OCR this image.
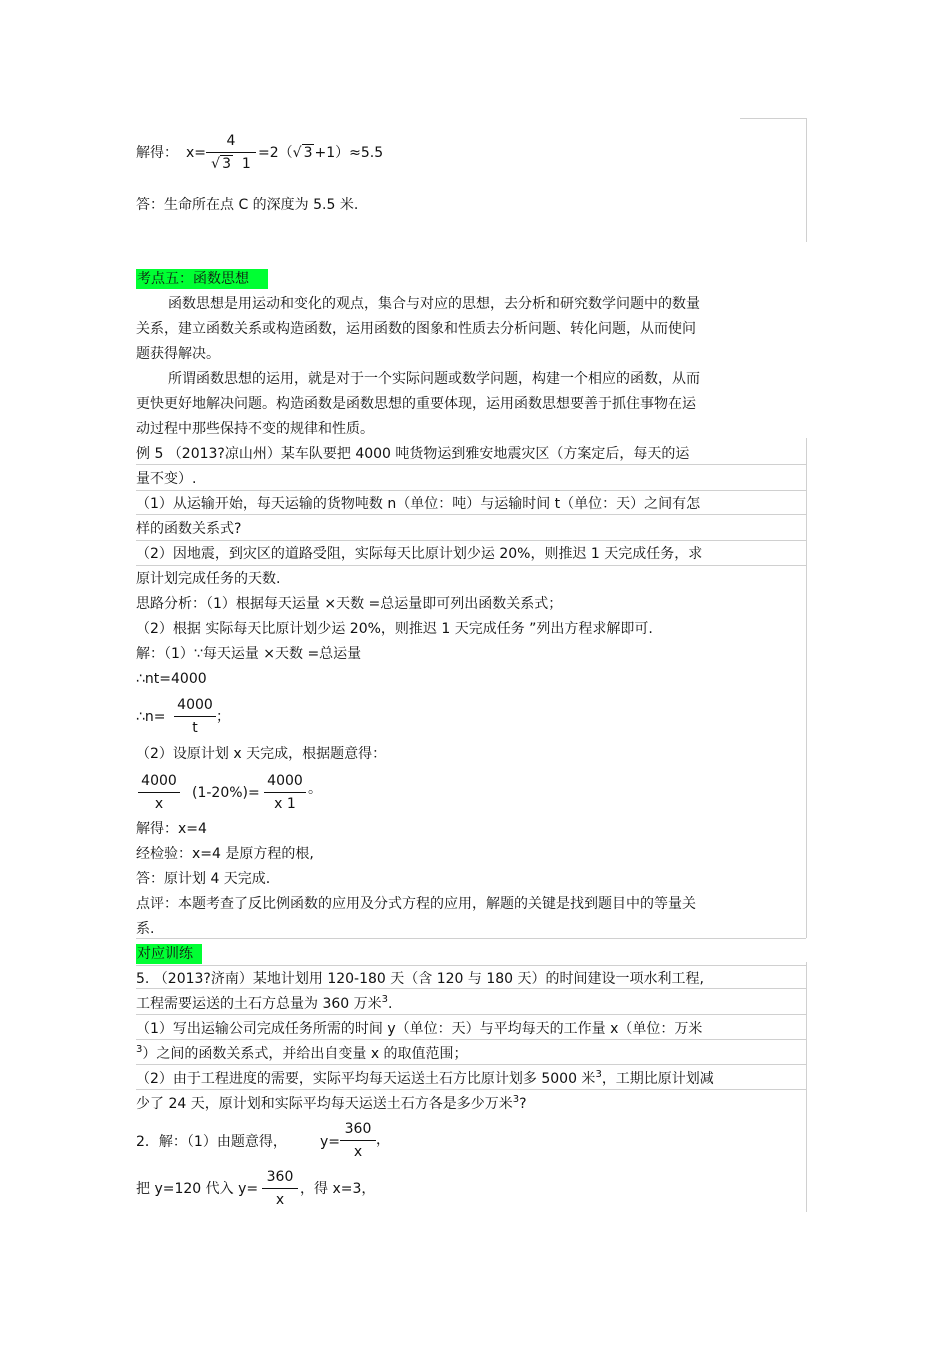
解得： x=
4
√ 3 1
=2（√ 3 +1）≈5.5
答：生命所在点 C 的深度为 5.5 米.
考点五：函数思想
函数思想是用运动和变化的观点，集合与对应的思想，去分析和研究数学问题中的数量
关系，建立函数关系或构造函数，运用函数的图象和性质去分析问题、转化问题，从而使问
题获得解决。
所谓函数思想的运用，就是对于一个实际问题或数学问题，构建一个相应的函数，从而
更快更好地解决问题。构造函数是函数思想的重要体现，运用函数思想要善于抓住事物在运
动过程中那些保持不变的规律和性质。
例 5 （2013?凉山州）某车队要把 4000 吨货物运到雅安地震灾区（方案定后，每天的运
量不变）.
（1）从运输开始，每天运输的货物吨数 n（单位：吨）与运输时间 t（单位：天）之间有怎
样的函数关系式?
（2）因地震，到灾区的道路受阻，实际每天比原计划少运 20%，则推迟 1 天完成任务，求
原计划完成任务的天数.
思路分析：（1）根据每天运量 ×天数 =总运量即可列出函数关系式；
（2）根据 实际每天比原计划少运 20%，则推迟 1 天完成任务 ”列出方程求解即可.
解：（1）∵每天运量 ×天数 =总运量
∴nt=4000
∴n=
4000
t
；
（2）设原计划 x 天完成，根据题意得：
4000
x
(1-20%)=
4000
x 1
。
解得：x=4
经检验：x=4 是原方程的根,
答：原计划 4 天完成.
点评：本题考查了反比例函数的应用及分式方程的应用，解题的关键是找到题目中的等量关
系.
对应训练
5. （2013?济南）某地计划用 120-180 天（含 120 与 180 天）的时间建设一项水利工程,
工程需要运送的土石方总量为 360 万米$^3$.
（1）写出运输公司完成任务所需的时间 y（单位：天）与平均每天的工作量 x（单位：万米
$^3$）之间的函数关系式，并给出自变量 x 的取值范围；
（2）由于工程进度的需要，实际平均每天运送土石方比原计划多 5000 米$^3$，工期比原计划减
少了 24 天，原计划和实际平均每天运送土石方各是多少万米$^3$?
2．解：（1）由题意得， y=
360
x
，
把 y=120 代入 y=
360
x
，得 x=3，
